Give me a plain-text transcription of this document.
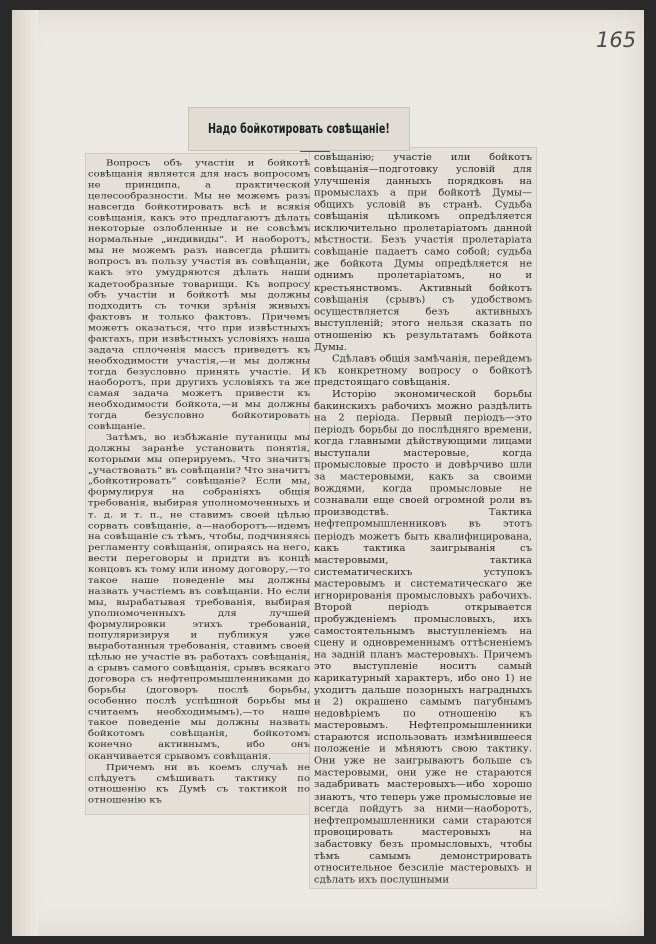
165
Надо бойкотировать совѣщаніе!

Вопросъ объ участіи и бойкотѣ совѣщанія является для насъ вопросомъ не принципа, а практической целесообразности. Мы не можемъ разъ навсегда бойкотировать всѣ и всякія совѣщанія, какъ это предлагаютъ дѣлать некоторые озлобленные и не совсѣмъ нормальные „индивиды“. И наоборотъ, мы не можемъ разъ навсегда рѣшить вопросъ въ пользу участія въ совѣщаніи, какъ это умудряются дѣлать наши кадетообразные товарищи. Къ вопросу объ участіи и бойкотѣ мы должны подходить съ точки зрѣнія живыхъ фактовъ и только фактовъ. Причемъ можетъ оказаться, что при извѣстныхъ фактахъ, при извѣстныхъ условіяхъ наша задача сплоченія массъ приведетъ къ необходимости участія,—и мы должны тогда безусловно принять участіе. И наоборотъ, при другихъ условіяхъ та же самая задача можетъ привести къ необходимости бойкота,—и мы должны тогда безусловно бойкотировать совѣщаніе.

Затѣмъ, во избѣжаніе путаницы мы должны заранѣе установить понятія, которыми мы оперируемъ. Что значитъ „участвовать“ въ совѣщаніи? Что значитъ „бойкотировать“ совѣщаніе? Если мы, формулируя на собраніяхъ общія требованія, выбирая уполномоченныхъ и т. д. и т. п., не ставимъ своей цѣлью сорвать совѣщаніе, а—наоборотъ—идемъ на совѣщаніе съ тѣмъ, чтобы, подчиняясь регламенту совѣщанія, опираясь на него, вести переговоры и придти въ концѣ концовъ къ тому или иному договору,—то такое наше поведеніе мы должны назвать участіемъ въ совѣщаніи. Но если мы, вырабатывая требованія, выбирая уполномоченныхъ для лучшей формулировки этихъ требованій, популяризируя и публикуя уже выработанныя требованія, ставимъ своей цѣлью не участіе въ работахъ совѣщанія, а срывъ самого совѣщанія, срывъ всякаго договора съ нефтепромышленниками до борьбы (договоръ послѣ борьбы, особенно послѣ успѣшной борьбы мы считаемъ необходимымъ),—то наше такое поведеніе мы должны назвать бойкотомъ совѣщанія, бойкотомъ конечно активнымъ, ибо онъ оканчивается срывомъ совѣщанія.

Причемъ ни въ коемъ случаѣ не слѣдуетъ смѣшивать тактику по отношенію къ Думѣ съ тактикой по отношенію къ

совѣщанію; участіе или бойкотъ совѣщанія—подготовку условій для улучшенія данныхъ порядковъ на промыслахъ а при бойкотѣ Думы—общихъ условій въ странѣ. Судьба совѣщанія цѣликомъ опредѣляется исключительно пролетаріатомъ данной мѣстности. Безъ участія пролетаріата совѣщаніе падаетъ само собой; судьба же бойкота Думы опредѣляется не однимъ пролетаріатомъ, но и крестьянствомъ. Активный бойкотъ совѣщанія (срывъ) съ удобствомъ осуществляется безъ активныхъ выступленій; этого нельзя сказать по отношенію къ результатамъ бойкота Думы.

Сдѣлавъ общія замѣчанія, перейдемъ къ конкретному вопросу о бойкотѣ предстоящаго совѣщанія.

Исторію экономической борьбы бакинскихъ рабочихъ можно раздѣлить на 2 періода. Первый періодъ—это періодъ борьбы до послѣдняго времени, когда главными дѣйствующими лицами выступали мастеровые, когда промысловые просто и довѣрчиво шли за мастеровыми, какъ за своими вождями, когда промысловые не сознавали еще своей огромной роли въ производствѣ. Тактика нефтепромышленниковъ въ этотъ періодъ можетъ быть квалифицирована, какъ тактика заигрыванія съ мастеровыми, тактика систематическихъ уступокъ мастеровымъ и систематическаго же игнорированія промысловыхъ рабочихъ. Второй періодъ открывается пробужденіемъ промысловыхъ, ихъ самостоятельнымъ выступленіемъ на сцену и одновременнымъ оттѣсненіемъ на задній планъ мастеровыхъ. Причемъ это выступленіе носитъ самый карикатурный характеръ, ибо оно 1) не уходитъ дальше позорныхъ наградныхъ и 2) окрашено самымъ пагубнымъ недовѣріемъ по отношенію къ мастеровымъ. Нефтепромышленники стараются использовать измѣнившееся положеніе и мѣняютъ свою тактику. Они уже не заигрываютъ больше съ мастеровыми, они уже не стараются задабривать мастеровыхъ—ибо хорошо знаютъ, что теперь уже промысловые не всегда пойдутъ за ними—наоборотъ, нефтепромышленники сами стараются провоцировать мастеровыхъ на забастовку безъ промысловыхъ, чтобы тѣмъ самымъ демонстрировать относительное безсиліе мастеровыхъ и сдѣлать ихъ послушными
